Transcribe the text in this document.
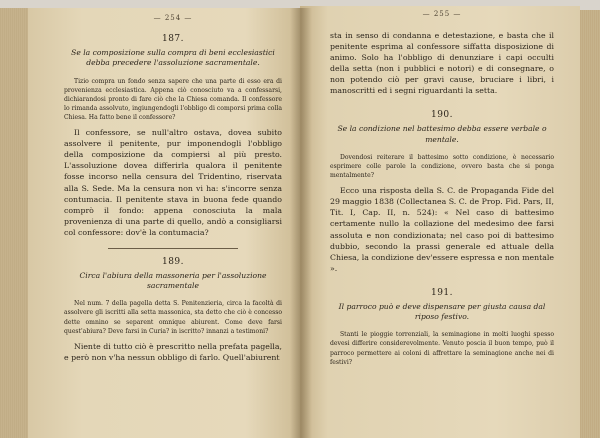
— 254 —
187.
Se la composizione sulla compra di beni ecclesiastici debba precedere l'assoluzione sacramentale.

Tizio compra un fondo senza sapere che una parte di esso era di provenienza ecclesiastica. Appena ciò conosciuto va a confessarsi, dichiarandosi pronto di fare ciò che la Chiesa comanda. Il confessore lo rimanda assolvuto, ingiungendogli l'obbligo di comporsi prima colla Chiesa. Ha fatto bene il confessore?

Il confessore, se null'altro ostava, dovea subito assolvere il penitente, pur imponendogli l'obbligo della composizione da compiersi al più presto. L'assoluzione dovea differirla qualora il penitente fosse incorso nella censura del Tridentino, riservata alla S. Sede. Ma la censura non vi ha: s'incorre senza contumacia. Il penitente stava in buona fede quando comprò il fondo: appena conosciuta la mala provenienza di una parte di quello, andò a consigliarsi col confessore: dov'è la contumacia?

189.
Circa l'abiura della massoneria per l'assoluzione sacramentale

Nel num. 7 della pagella detta S. Penitenzieria, circa la facoltà di assolvere gli iscritti alla setta massonica, sta detto che ciò è concesso dette omnino se separent omnique abiurent. Come deve farsi quest'abiura? Deve farsi in Curia? in iscritto? innanzi a testimoni?

Niente di tutto ciò è prescritto nella prefata pagella, e però non v'ha nessun obbligo di farlo. Quell'abiurent

— 255 —

sta in senso di condanna e detestazione, e basta che il penitente esprima al confessore siffatta disposizione di animo. Solo ha l'obbligo di denunziare i capi occulti della setta (non i pubblici e notori) e di consegnare, o non potendo ciò per gravi cause, bruciare i libri, i manoscritti ed i segni riguardanti la setta.

190.
Se la condizione nel battesimo debba essere verbale o mentale.

Dovendosi reiterare il battesimo sotto condizione, è necessario esprimere colle parole la condizione, ovvero basta che si ponga mentalmente?

Ecco una risposta della S. C. de Propaganda Fide del 29 maggio 1838 (Collectanea S. C. de Prop. Fid. Pars, II, Tit. I, Cap. II, n. 524): « Nel caso di battesimo certamente nullo la collazione del medesimo dee farsi assoluta e non condizionata; nel caso poi di battesimo dubbio, secondo la prassi generale ed attuale della Chiesa, la condizione dev'essere espressa e non mentale ».

191.
Il parroco può e deve dispensare per giusta causa dal riposo festivo.

Stanti le pioggie torrenziali, la seminagione in molti luoghi spesso devesi differire considerevolmente. Venuto poscia il buon tempo, può il parroco permettere ai coloni di affrettare la seminagione anche nei di festivi?
